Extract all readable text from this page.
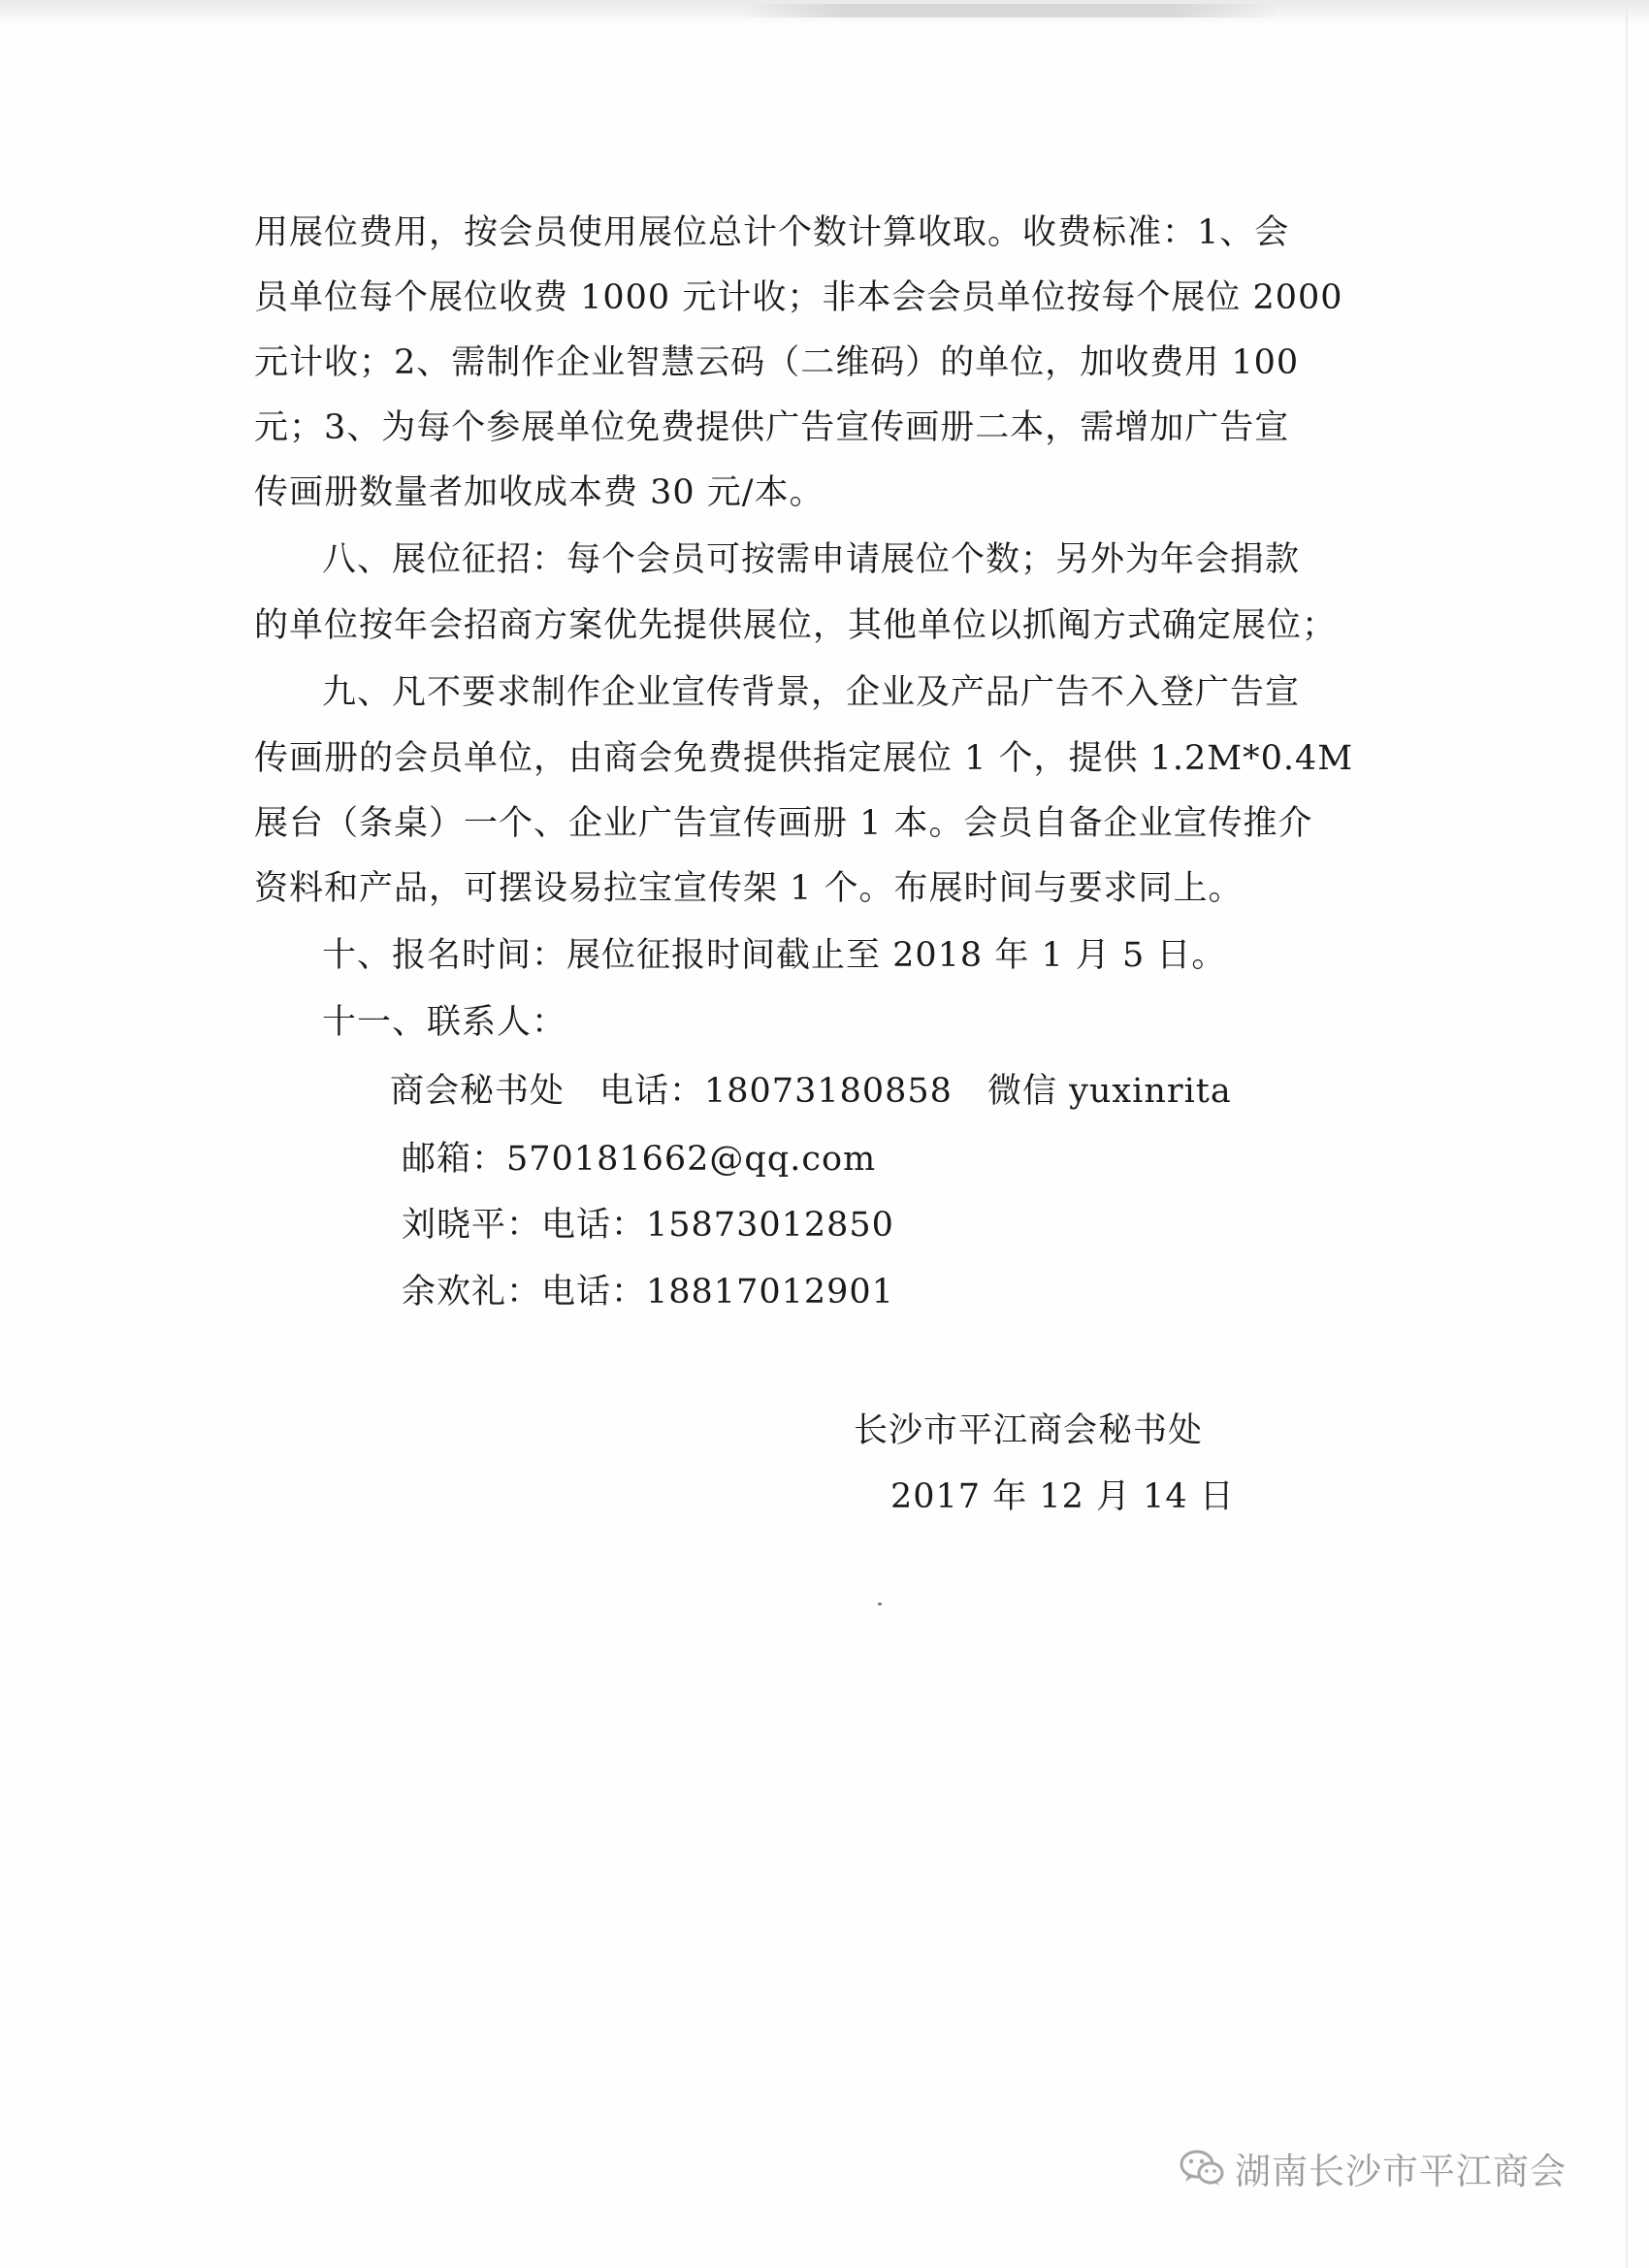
用展位费用，按会员使用展位总计个数计算收取。收费标准：1、会
员单位每个展位收费 1000 元计收；非本会会员单位按每个展位 2000
元计收；2、需制作企业智慧云码（二维码）的单位，加收费用 100
元；3、为每个参展单位免费提供广告宣传画册二本，需增加广告宣
传画册数量者加收成本费 30 元/本。
八、展位征招：每个会员可按需申请展位个数；另外为年会捐款
的单位按年会招商方案优先提供展位，其他单位以抓阄方式确定展位；
九、凡不要求制作企业宣传背景，企业及产品广告不入登广告宣
传画册的会员单位，由商会免费提供指定展位 1 个，提供 1.2M*0.4M
展台（条桌）一个、企业广告宣传画册 1 本。会员自备企业宣传推介
资料和产品，可摆设易拉宝宣传架 1 个。布展时间与要求同上。
十、报名时间：展位征报时间截止至 2018 年 1 月 5 日。
十一、联系人：
商会秘书处　电话：18073180858　微信 yuxinrita
邮箱：570181662@qq.com
刘晓平：电话：15873012850
余欢礼：电话：18817012901
长沙市平江商会秘书处
2017 年 12 月 14 日
湖南长沙市平江商会
